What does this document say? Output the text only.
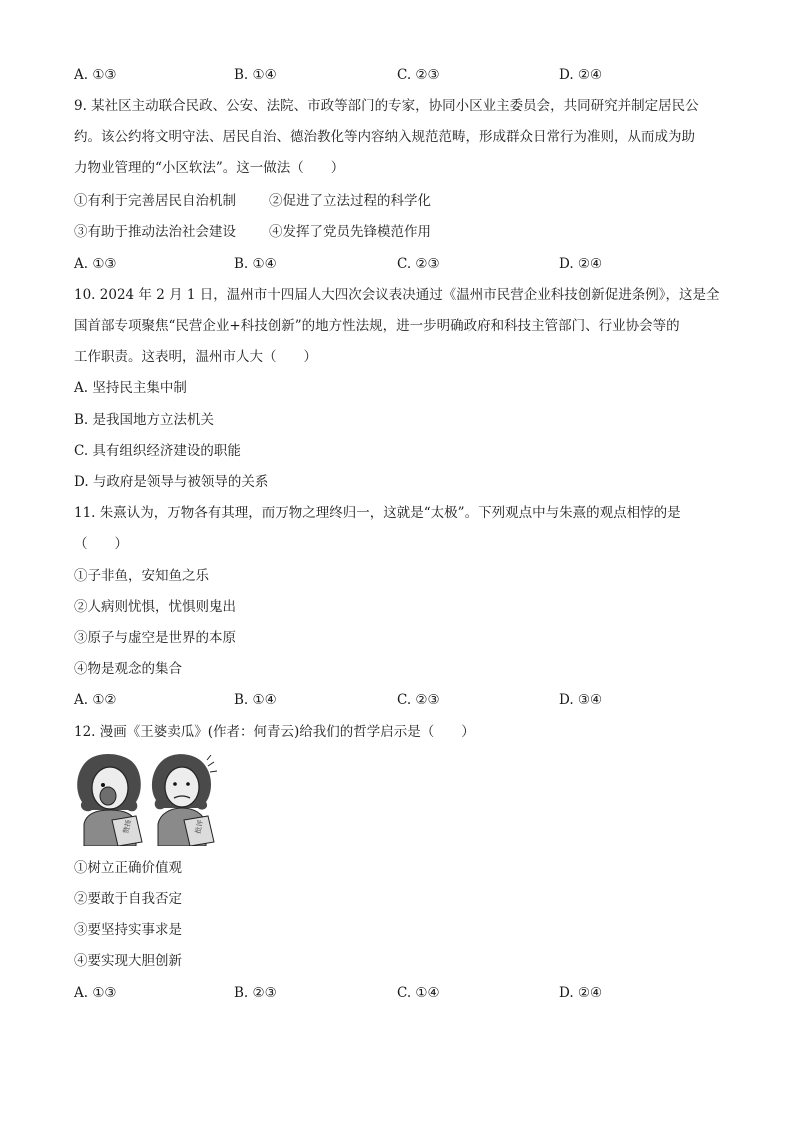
A. ①③	B. ①④	C. ②③	D. ②④
9. 某社区主动联合民政、公安、法院、市政等部门的专家，协同小区业主委员会，共同研究并制定居民公
约。该公约将文明守法、居民自治、德治教化等内容纳入规范范畴，形成群众日常行为准则，从而成为助
力物业管理的“小区软法”。这一做法（　　）
①有利于完善居民自治机制 ②促进了立法过程的科学化
③有助于推动法治社会建设 ④发挥了党员先锋模范作用
A. ①③	B. ①④	C. ②③	D. ②④
10. 2024 年 2 月 1 日，温州市十四届人大四次会议表决通过《温州市民营企业科技创新促进条例》，这是全
国首部专项聚焦“民营企业+科技创新”的地方性法规，进一步明确政府和科技主管部门、行业协会等的
工作职责。这表明，温州市人大（　　）
A. 坚持民主集中制
B. 是我国地方立法机关
C. 具有组织经济建设的职能
D. 与政府是领导与被领导的关系
11. 朱熹认为，万物各有其理，而万物之理终归一，这就是“太极”。下列观点中与朱熹的观点相悖的是
（　　）
①子非鱼，安知鱼之乐
②人病则忧惧，忧惧则鬼出
③原子与虚空是世界的本原
④物是观念的集合
A. ①②	B. ①④	C. ②③	D. ③④
12. 漫画《王婆卖瓜》(作者：何青云)给我们的哲学启示是（　　）
赞扬	批评
①树立正确价值观
②要敢于自我否定
③要坚持实事求是
④要实现大胆创新
A. ①③	B. ②③	C. ①④	D. ②④
